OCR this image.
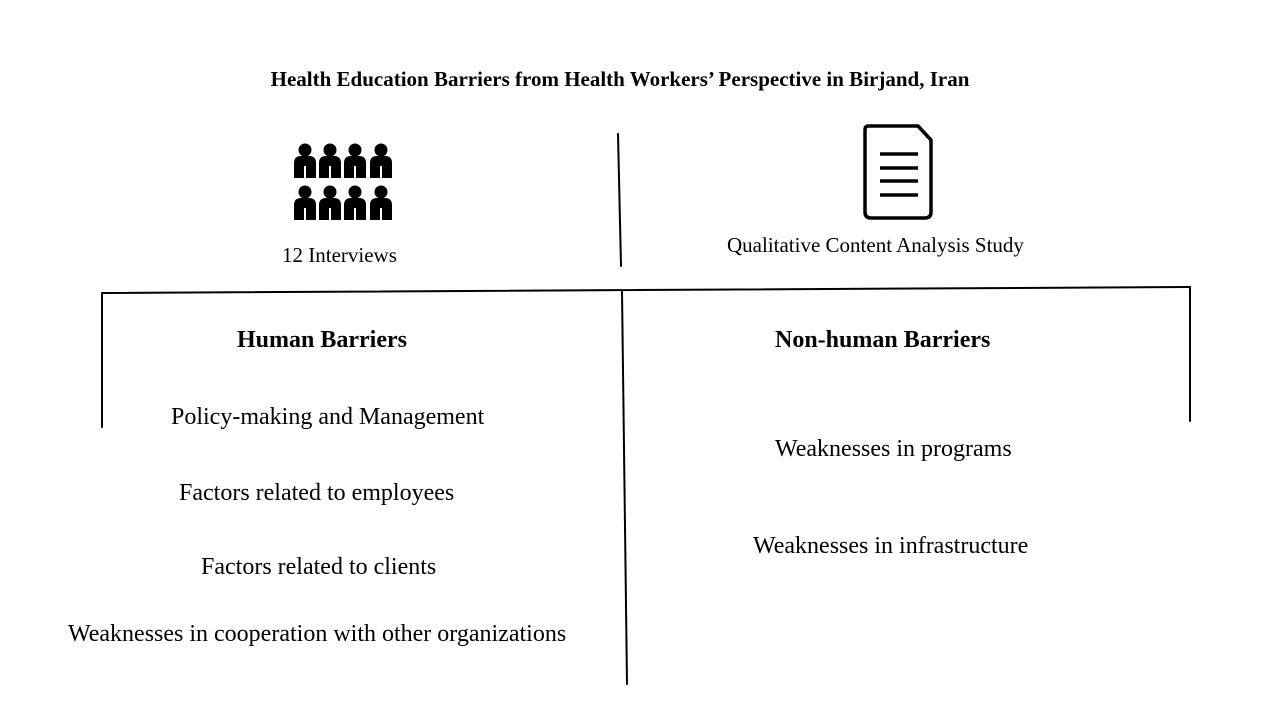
Health Education Barriers from Health Workers’ Perspective in Birjand, Iran
12 Interviews	Qualitative Content Analysis Study
Human Barriers	Non-human Barriers
Policy-making and Management
Factors related to employees
Factors related to clients
Weaknesses in cooperation with other organizations
Weaknesses in programs
Weaknesses in infrastructure
